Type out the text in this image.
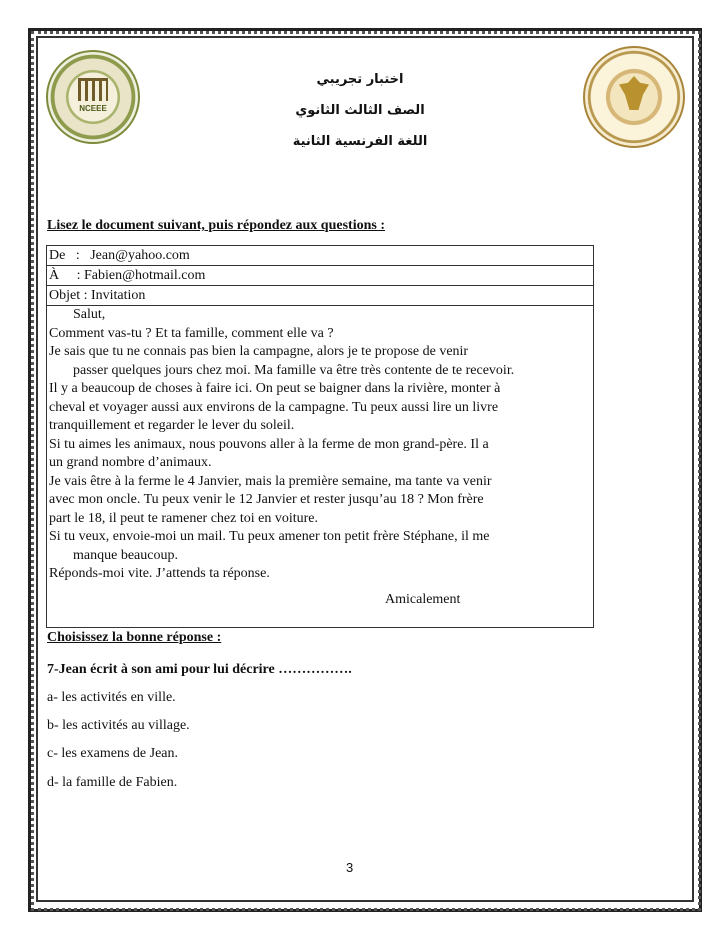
NCEEE
اختبار تجريبي
الصف الثالث الثانوي
اللغة الفرنسية الثانية
Lisez le document suivant, puis répondez aux questions :
De   :   Jean@yahoo.com
À     : Fabien@hotmail.com
Objet : Invitation
Salut,
Comment vas-tu ? Et ta famille, comment elle va ?
Je sais que tu ne connais pas bien la campagne, alors je te propose de venir
passer quelques jours chez moi. Ma famille va être très contente de te recevoir.
Il y a beaucoup de choses à faire ici. On peut se baigner dans la rivière, monter à
cheval et voyager aussi aux environs de la campagne. Tu peux aussi lire un livre
tranquillement et regarder le lever du soleil.
Si tu aimes les animaux, nous pouvons aller à la ferme de mon grand-père. Il a
un grand nombre d’animaux.
Je vais être à la ferme le 4 Janvier, mais la première semaine, ma tante va venir
avec mon oncle. Tu peux venir le 12 Janvier et rester jusqu’au 18 ? Mon frère
part le 18, il peut te ramener chez toi en voiture.
Si tu veux, envoie-moi un mail. Tu peux amener ton petit frère Stéphane, il me
manque beaucoup.
Réponds-moi vite. J’attends ta réponse.
Amicalement
Choisissez la bonne réponse :
7-Jean écrit à son ami pour lui décrire …………….
a- les activités en ville.
b- les activités au village.
c- les examens de Jean.
d- la famille de Fabien.
3
